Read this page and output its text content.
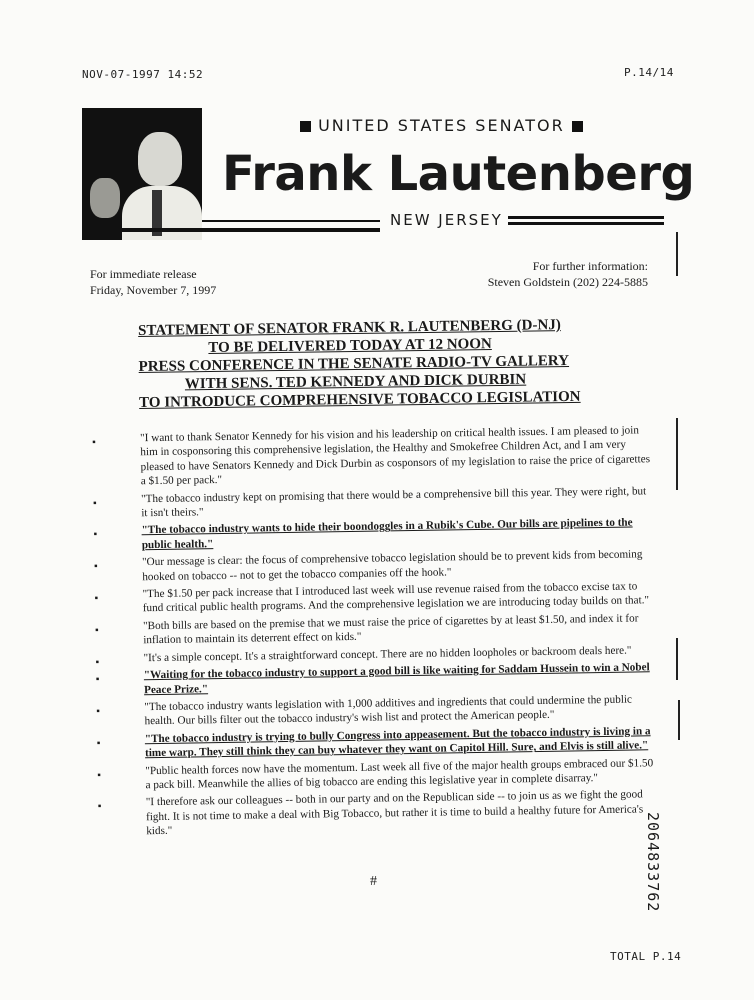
NOV-07-1997 14:52	P.14/14
UNITED STATES SENATOR
Frank Lautenberg
NEW JERSEY
For immediate release
Friday, November 7, 1997
For further information:
Steven Goldstein (202) 224-5885
STATEMENT OF SENATOR FRANK R. LAUTENBERG (D-NJ)
TO BE DELIVERED TODAY AT 12 NOON
PRESS CONFERENCE IN THE SENATE RADIO-TV GALLERY
WITH SENS. TED KENNEDY AND DICK DURBIN
TO INTRODUCE COMPREHENSIVE TOBACCO LEGISLATION
▪ "I want to thank Senator Kennedy for his vision and his leadership on critical health issues. I am pleased to join him in cosponsoring this comprehensive legislation, the Healthy and Smokefree Children Act, and I am very pleased to have Senators Kennedy and Dick Durbin as cosponsors of my legislation to raise the price of cigarettes a $1.50 per pack."
▪ "The tobacco industry kept on promising that there would be a comprehensive bill this year. They were right, but it isn't theirs."
▪ "The tobacco industry wants to hide their boondoggles in a Rubik's Cube. Our bills are pipelines to the public health."
▪ "Our message is clear: the focus of comprehensive tobacco legislation should be to prevent kids from becoming hooked on tobacco -- not to get the tobacco companies off the hook."
▪ "The $1.50 per pack increase that I introduced last week will use revenue raised from the tobacco excise tax to fund critical public health programs. And the comprehensive legislation we are introducing today builds on that."
▪ "Both bills are based on the premise that we must raise the price of cigarettes by at least $1.50, and index it for inflation to maintain its deterrent effect on kids."
▪ "It's a simple concept. It's a straightforward concept. There are no hidden loopholes or backroom deals here."
▪ "Waiting for the tobacco industry to support a good bill is like waiting for Saddam Hussein to win a Nobel Peace Prize."
▪ "The tobacco industry wants legislation with 1,000 additives and ingredients that could undermine the public health. Our bills filter out the tobacco industry's wish list and protect the American people."
▪ "The tobacco industry is trying to bully Congress into appeasement. But the tobacco industry is living in a time warp. They still think they can buy whatever they want on Capitol Hill. Sure, and Elvis is still alive."
▪ "Public health forces now have the momentum. Last week all five of the major health groups embraced our $1.50 a pack bill. Meanwhile the allies of big tobacco are ending this legislative year in complete disarray."
▪ "I therefore ask our colleagues -- both in our party and on the Republican side -- to join us as we fight the good fight. It is not time to make a deal with Big Tobacco, but rather it is time to build a healthy future for America's kids."
#	2064833762
TOTAL P.14
